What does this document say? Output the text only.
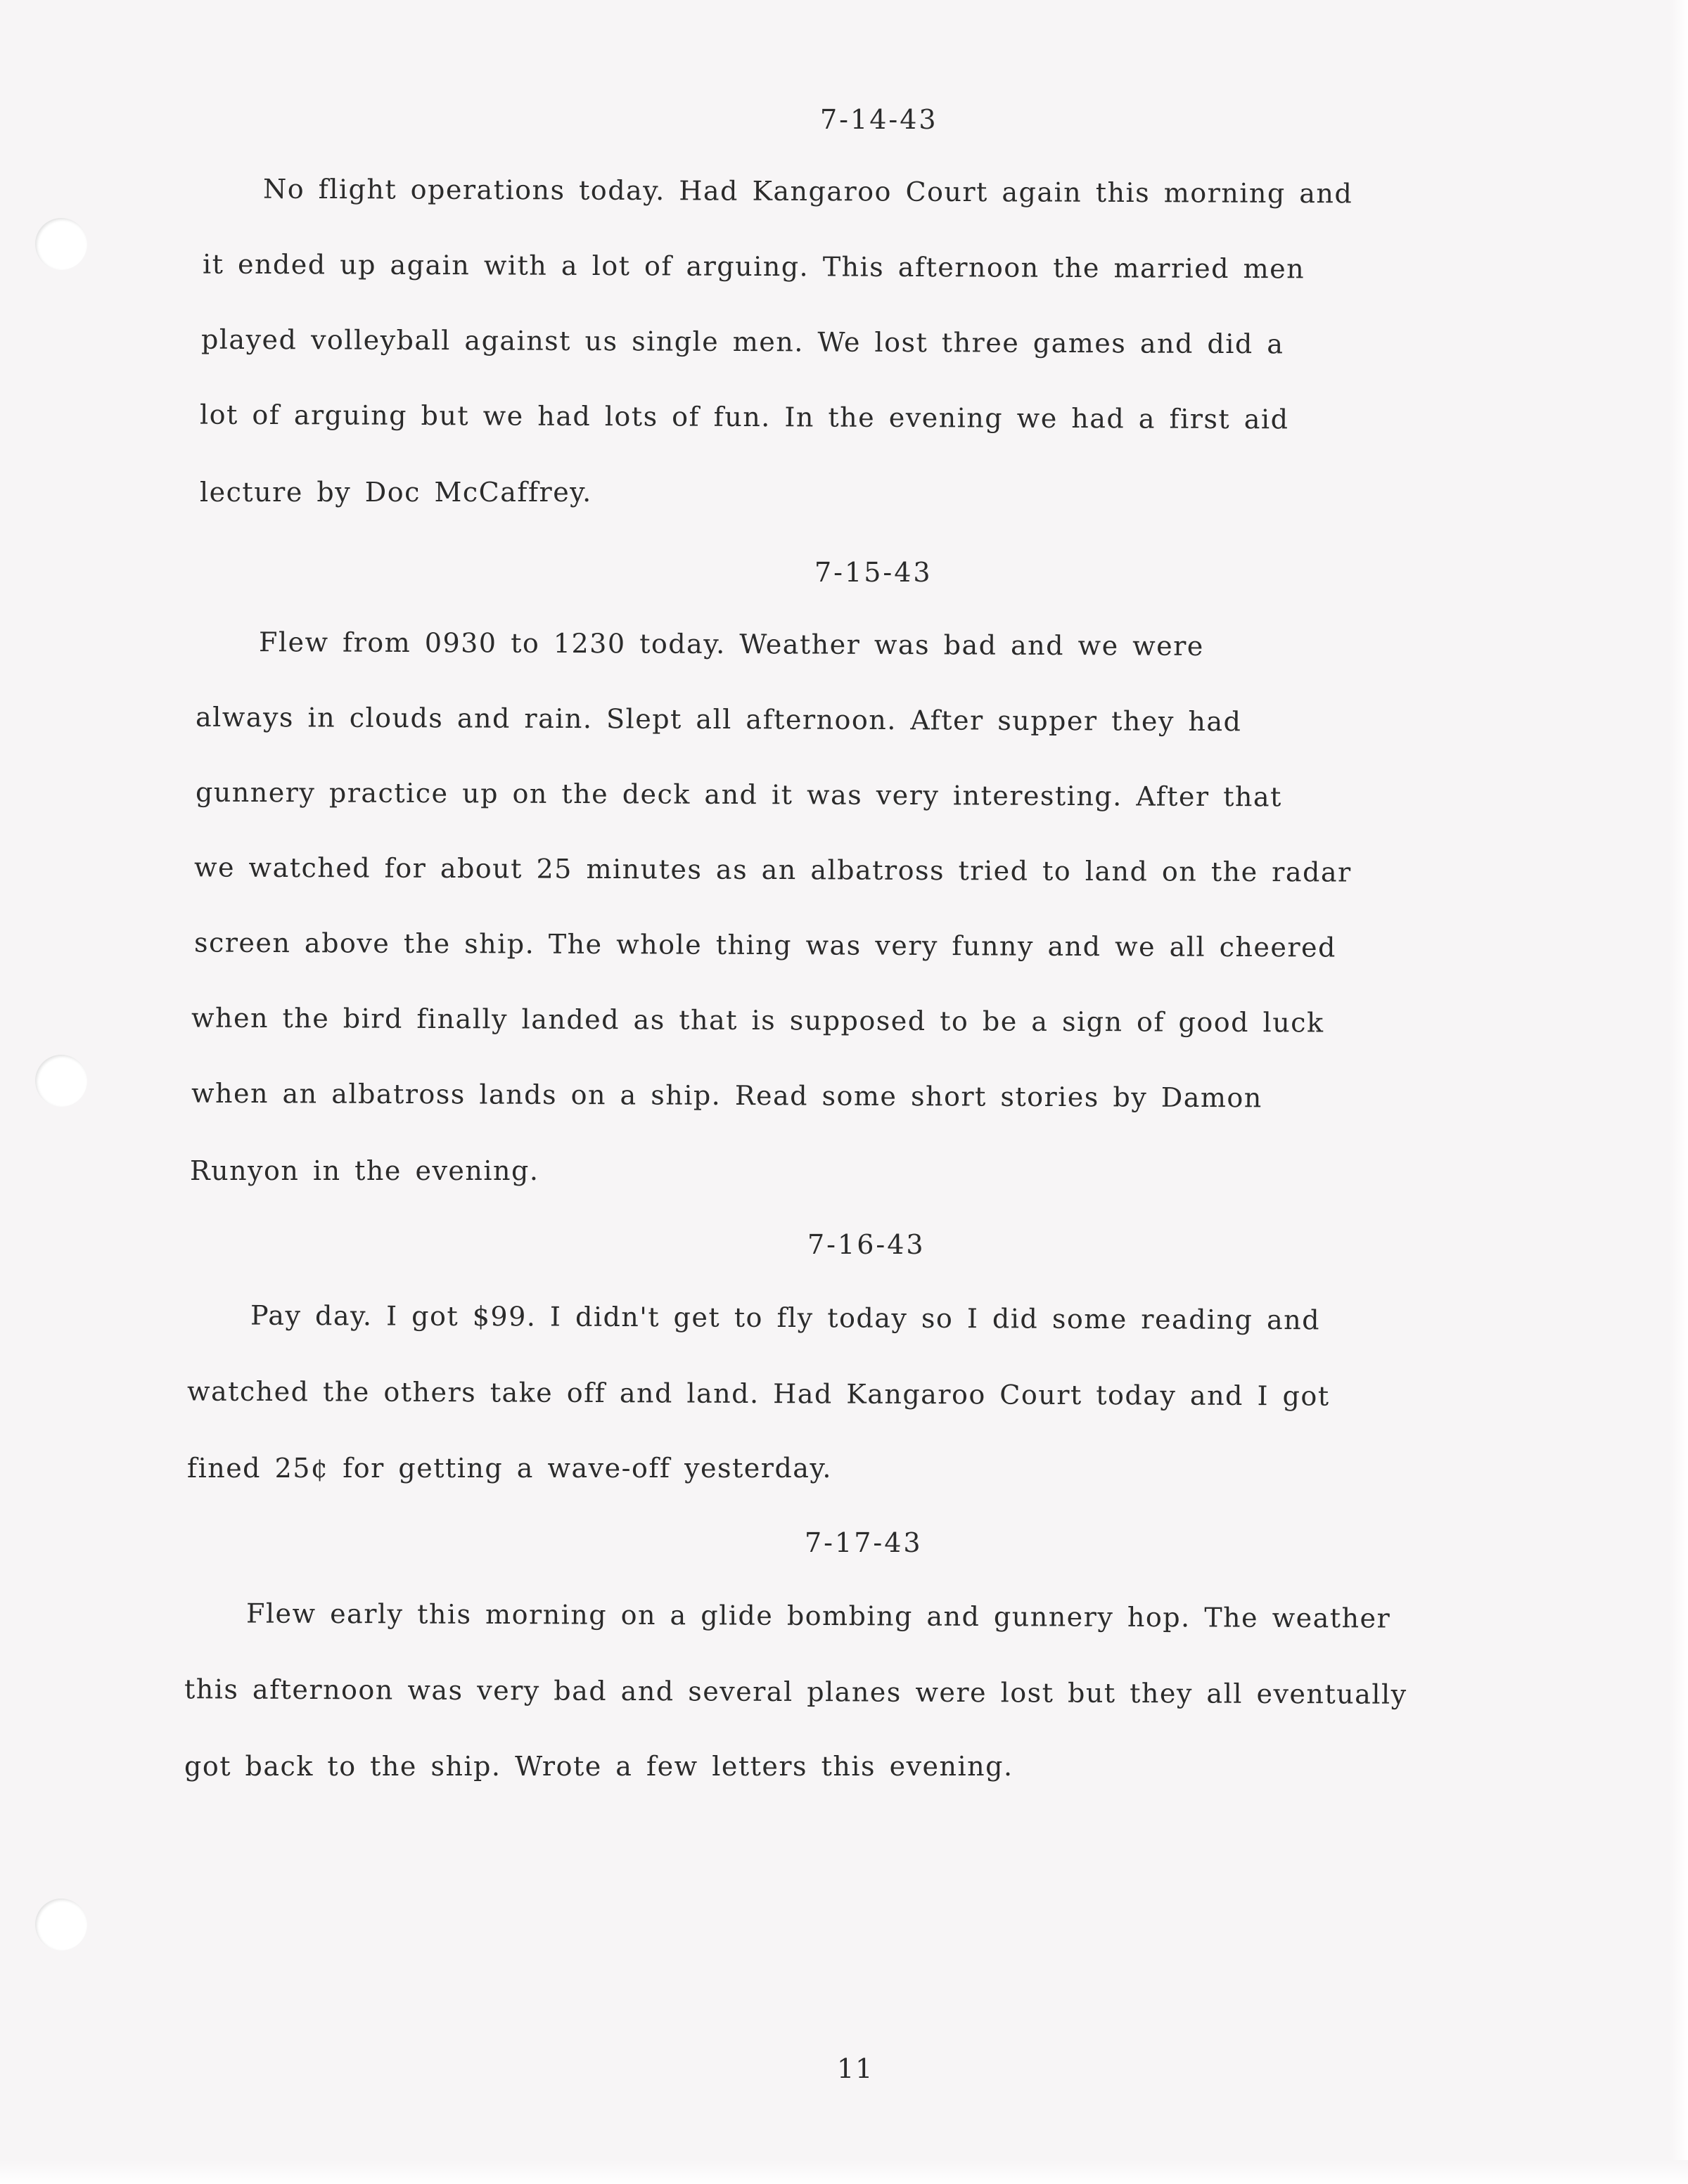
7-14-43
No flight operations today. Had Kangaroo Court again this morning and
it ended up again with a lot of arguing. This afternoon the married men
played volleyball against us single men. We lost three games and did a
lot of arguing but we had lots of fun. In the evening we had a first aid
lecture by Doc McCaffrey.
7-15-43
Flew from 0930 to 1230 today. Weather was bad and we were
always in clouds and rain. Slept all afternoon. After supper they had
gunnery practice up on the deck and it was very interesting. After that
we watched for about 25 minutes as an albatross tried to land on the radar
screen above the ship. The whole thing was very funny and we all cheered
when the bird finally landed as that is supposed to be a sign of good luck
when an albatross lands on a ship. Read some short stories by Damon
Runyon in the evening.
7-16-43
Pay day. I got $99. I didn't get to fly today so I did some reading and
watched the others take off and land. Had Kangaroo Court today and I got
fined 25¢ for getting a wave-off yesterday.
7-17-43
Flew early this morning on a glide bombing and gunnery hop. The weather
this afternoon was very bad and several planes were lost but they all eventually
got back to the ship. Wrote a few letters this evening.
11
